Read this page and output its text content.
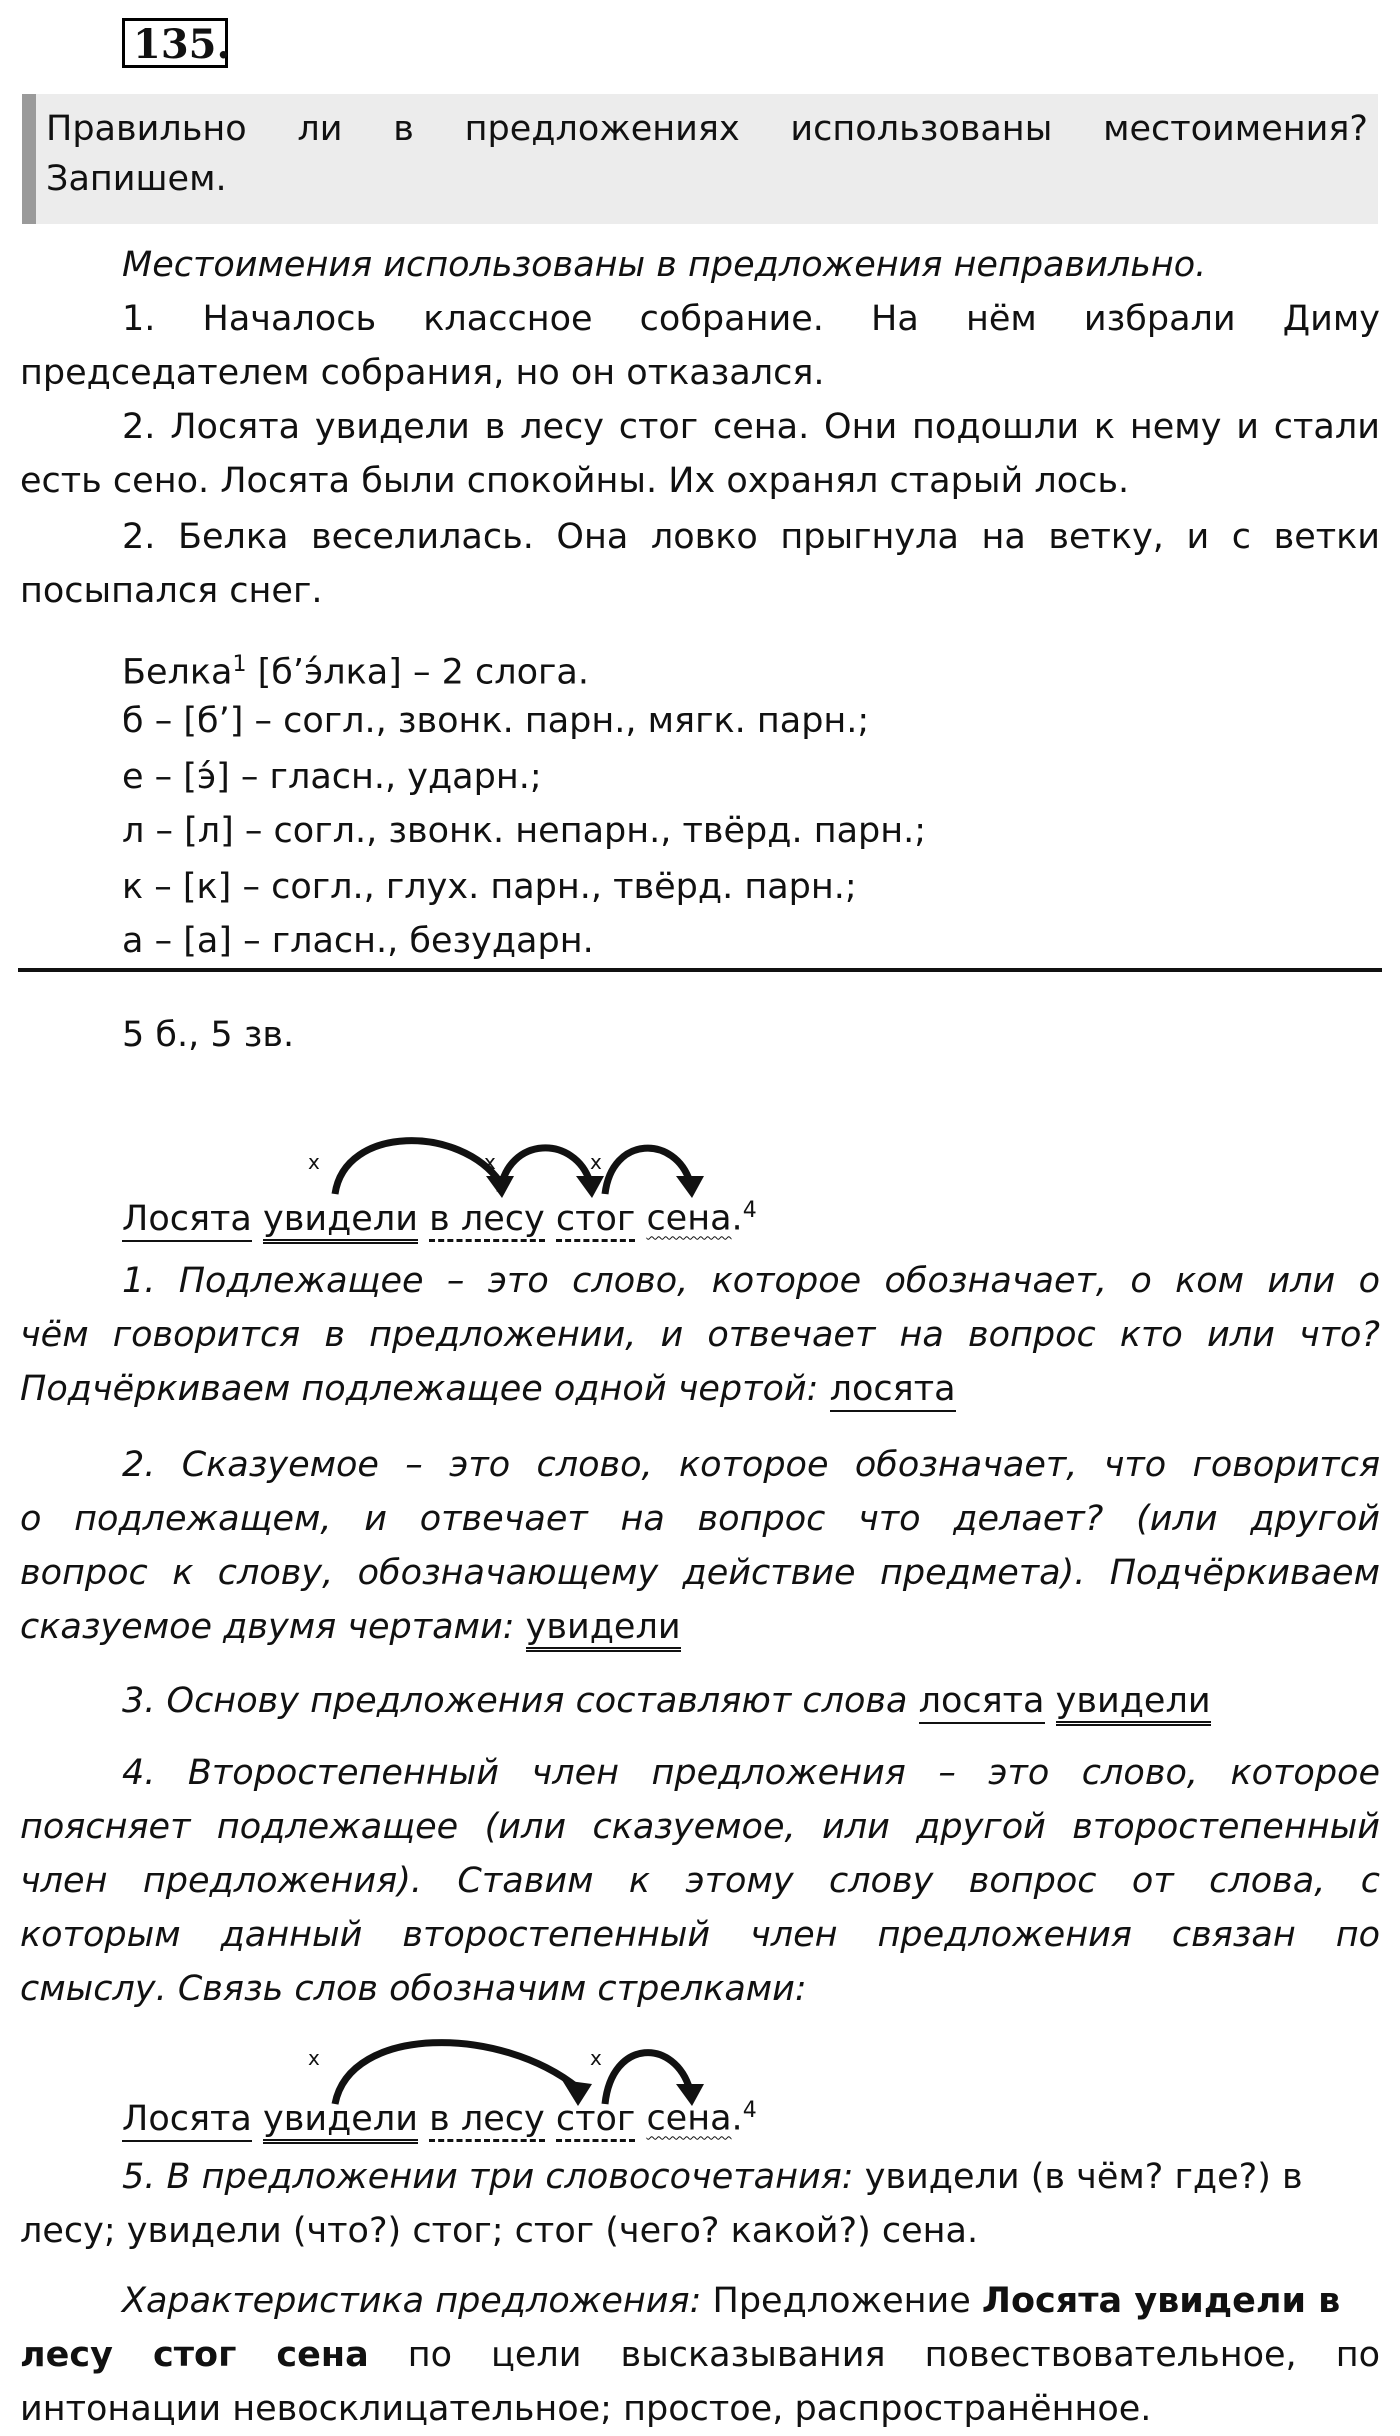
135.
Правильно ли в предложениях использованы местоимения?
Запишем.
Местоимения использованы в предложения неправильно.
1. Началось классное собрание. На нём избрали Диму
председателем собрания, но он отказался.
2. Лосята увидели в лесу стог сена. Они подошли к нему и стали
есть сено. Лосята были спокойны. Их охранял старый лось.
2. Белка веселилась. Она ловко прыгнула на ветку, и с ветки
посыпался снег.
Белка$^1$ [б’э́лка] – 2 слога.
б – [б’] – согл., звонк. парн., мягк. парн.;
е – [э́] – гласн., ударн.;
л – [л] – согл., звонк. непарн., твёрд. парн.;
к – [к] – согл., глух. парн., твёрд. парн.;
а – [а] – гласн., безударн.
5 б., 5 зв.
x	x	x
Лосята увидели в лесу стог сена.$^4$
1. Подлежащее – это слово, которое обозначает, о ком или о
чём говорится в предложении, и отвечает на вопрос кто или что?
Подчёркиваем подлежащее одной чертой: лосята
2. Сказуемое – это слово, которое обозначает, что говорится
о подлежащем, и отвечает на вопрос что делает? (или другой
вопрос к слову, обозначающему действие предмета). Подчёркиваем
сказуемое двумя чертами: увидели
3. Основу предложения составляют слова лосята увидели
4. Второстепенный член предложения – это слово, которое
поясняет подлежащее (или сказуемое, или другой второстепенный
член предложения). Ставим к этому слову вопрос от слова, с
которым данный второстепенный член предложения связан по
смыслу. Связь слов обозначим стрелками:
x	x
Лосята увидели в лесу стог сена.$^4$
5. В предложении три словосочетания: увидели (в чём? где?) в
лесу; увидели (что?) стог; стог (чего? какой?) сена.
Характеристика предложения: Предложение Лосята увидели в
лесу стог сена по цели высказывания повествовательное, по
интонации невосклицательное; простое, распространённое.
